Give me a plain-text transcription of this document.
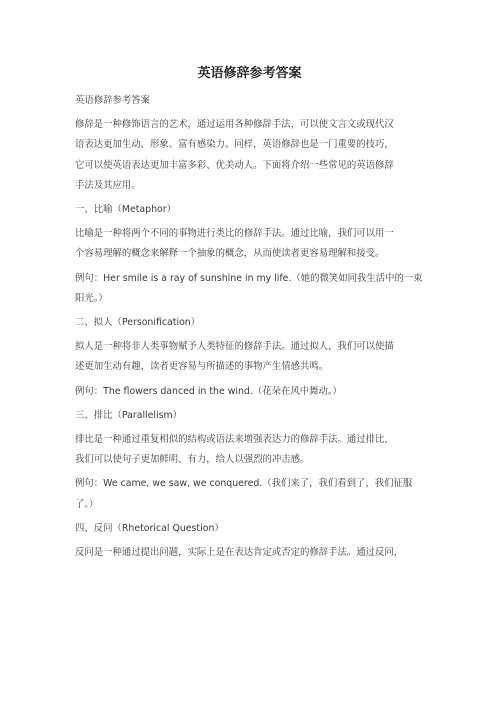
英语修辞参考答案

英语修辞参考答案

修辞是一种修饰语言的艺术，通过运用各种修辞手法，可以使文言文或现代汉

语表达更加生动、形象、富有感染力。同样，英语修辞也是一门重要的技巧，

它可以使英语表达更加丰富多彩、优美动人。下面将介绍一些常见的英语修辞

手法及其应用。

一、比喻（Metaphor）

比喻是一种将两个不同的事物进行类比的修辞手法。通过比喻，我们可以用一

个容易理解的概念来解释一个抽象的概念，从而使读者更容易理解和接受。

例句：Her smile is a ray of sunshine in my life.（她的微笑如同我生活中的一束

阳光。）

二、拟人（Personification）

拟人是一种将非人类事物赋予人类特征的修辞手法。通过拟人，我们可以使描

述更加生动有趣，读者更容易与所描述的事物产生情感共鸣。

例句：The flowers danced in the wind.（花朵在风中舞动。）

三、排比（Parallelism）

排比是一种通过重复相似的结构或语法来增强表达力的修辞手法。通过排比，

我们可以使句子更加鲜明、有力，给人以强烈的冲击感。

例句：We came, we saw, we conquered.（我们来了，我们看到了，我们征服

了。）

四、反问（Rhetorical Question）

反问是一种通过提出问题，实际上是在表达肯定或否定的修辞手法。通过反问，
